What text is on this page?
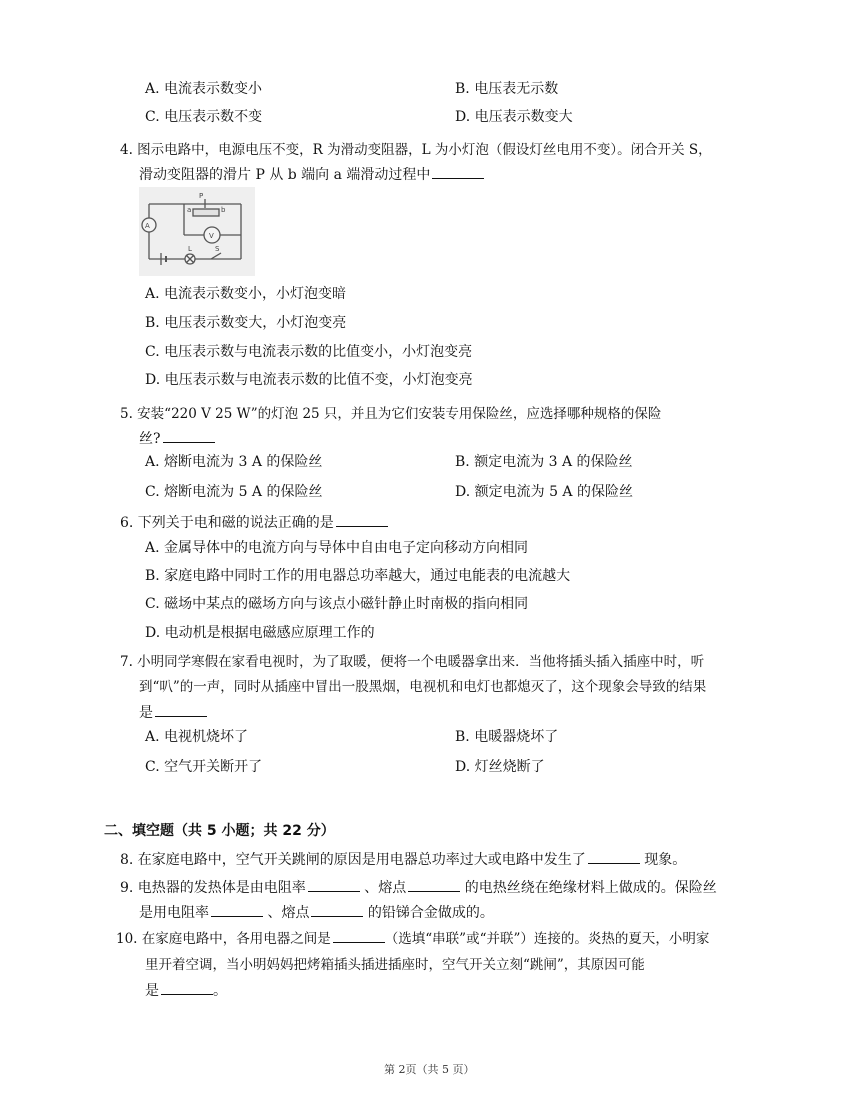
A. 电流表示数变小	B. 电压表无示数
C. 电压表示数不变	D. 电压表示数变大
4. 图示电路中，电源电压不变，R 为滑动变阻器，L 为小灯泡（假设灯丝电用不变）。闭合开关 S，
滑动变阻器的滑片 P 从 b 端向 a 端滑动过程中
A
V
P
a	b
L	S
A. 电流表示数变小，小灯泡变暗
B. 电压表示数变大，小灯泡变亮
C. 电压表示数与电流表示数的比值变小，小灯泡变亮
D. 电压表示数与电流表示数的比值不变，小灯泡变亮
5. 安装“220 V 25 W”的灯泡 25 只，并且为它们安装专用保险丝，应选择哪种规格的保险
丝?
A. 熔断电流为 3 A 的保险丝	B. 额定电流为 3 A 的保险丝
C. 熔断电流为 5 A 的保险丝	D. 额定电流为 5 A 的保险丝
6. 下列关于电和磁的说法正确的是
A. 金属导体中的电流方向与导体中自由电子定向移动方向相同
B. 家庭电路中同时工作的用电器总功率越大，通过电能表的电流越大
C. 磁场中某点的磁场方向与该点小磁针静止时南极的指向相同
D. 电动机是根据电磁感应原理工作的
7. 小明同学寒假在家看电视时，为了取暖，便将一个电暖器拿出来．当他将插头插入插座中时，听
到“叭”的一声，同时从插座中冒出一股黑烟，电视机和电灯也都熄灭了，这个现象会导致的结果
是
A. 电视机烧坏了	B. 电暖器烧坏了
C. 空气开关断开了	D. 灯丝烧断了
二、填空题（共 5 小题；共 22 分）
8. 在家庭电路中，空气开关跳闸的原因是用电器总功率过大或电路中发生了	现象。
9. 电热器的发热体是由电阻率	、熔点	的电热丝绕在绝缘材料上做成的。保险丝
是用电阻率	、熔点	的铅锑合金做成的。
10. 在家庭电路中，各用电器之间是	（选填“串联”或“并联”）连接的。炎热的夏天，小明家
里开着空调，当小明妈妈把烤箱插头插进插座时，空气开关立刻“跳闸”，其原因可能
是	。
第 2页（共 5 页）
